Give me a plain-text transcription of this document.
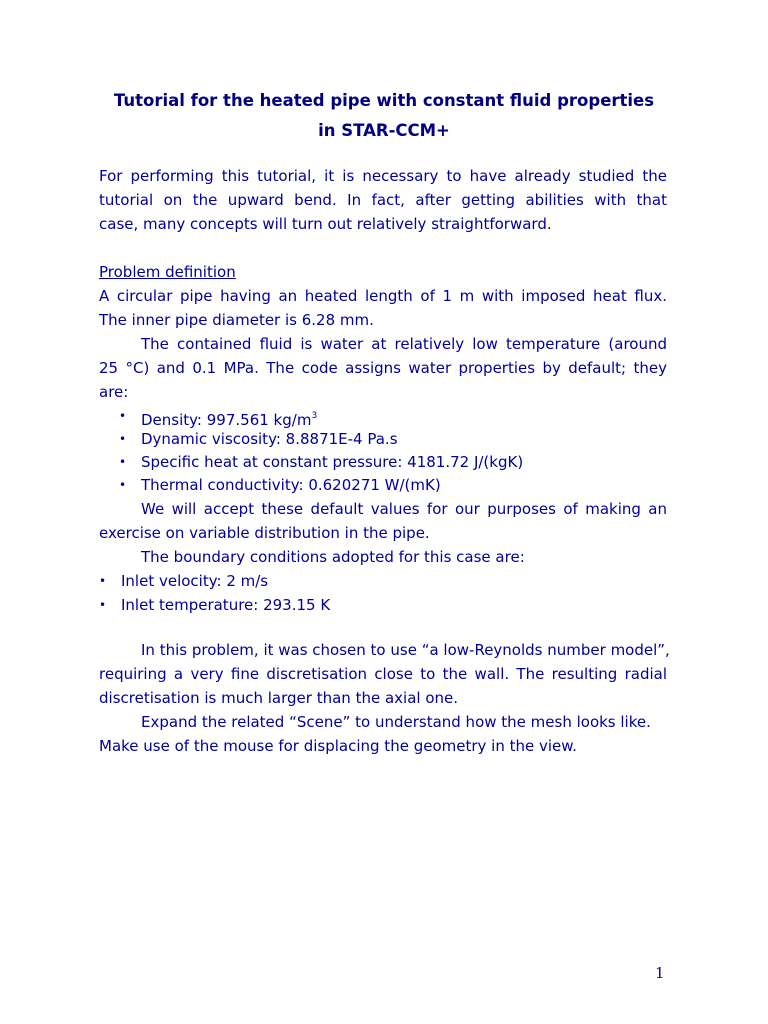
Tutorial for the heated pipe with constant fluid properties
in STAR-CCM+
For performing this tutorial, it is necessary to have already studied the
tutorial on the upward bend. In fact, after getting abilities with that
case, many concepts will turn out relatively straightforward.
Problem definition
A circular pipe having an heated length of 1 m with imposed heat flux.
The inner pipe diameter is 6.28 mm.
The contained fluid is water at relatively low temperature (around
25 °C) and 0.1 MPa. The code assigns water properties by default; they
are:
• Density: 997.561 $kg/m^3$
• Dynamic viscosity: 8.8871E-4 Pa.s
• Specific heat at constant pressure: 4181.72 J/(kgK)
• Thermal conductivity: 0.620271 W/(mK)
We will accept these default values for our purposes of making an
exercise on variable distribution in the pipe.
The boundary conditions adopted for this case are:
• Inlet velocity: 2 m/s
• Inlet temperature: 293.15 K
In this problem, it was chosen to use “a low-Reynolds number model”,
requiring a very fine discretisation close to the wall. The resulting radial
discretisation is much larger than the axial one.
Expand the related “Scene” to understand how the mesh looks like.
Make use of the mouse for displacing the geometry in the view.
1
